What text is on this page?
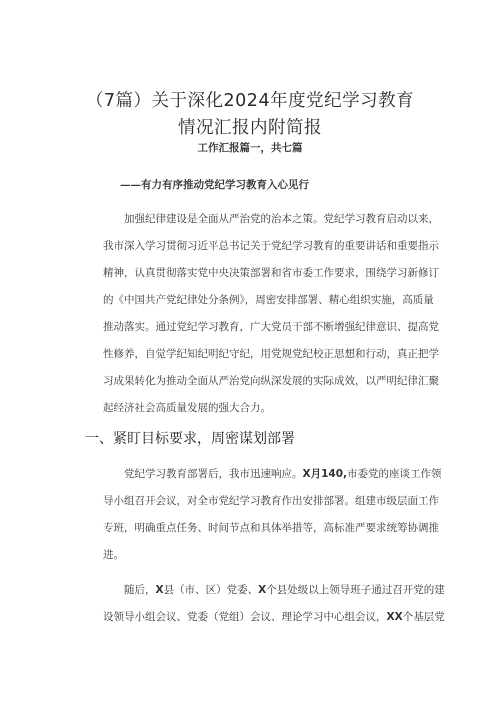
（7篇）关于深化2024年度党纪学习教育
情况汇报内附简报
工作汇报篇一，共七篇
——有力有序推动党纪学习教育入心见行
加强纪律建设是全面从严治党的治本之策。党纪学习教育启动以来，
我市深入学习贯彻习近平总书记关于党纪学习教育的重要讲话和重要指示
精神，认真贯彻落实党中央决策部署和省市委工作要求，围绕学习新修订
的《中国共产党纪律处分条例》，周密安排部署、精心组织实施，高质量
推动落实。通过党纪学习教育，广大党员干部不断增强纪律意识、提高党
性修养，自觉学纪知纪明纪守纪，用党规党纪校正思想和行动，真正把学
习成果转化为推动全面从严治党向纵深发展的实际成效，以严明纪律汇聚
起经济社会高质量发展的强大合力。
一、紧盯目标要求，周密谋划部署
党纪学习教育部署后，我市迅速响应。X月140,市委党的座谈工作领
导小组召开会议，对全市党纪学习教育作出安排部署。组建市级层面工作
专班，明确重点任务、时间节点和具体举措等，高标准严要求统筹协调推
进。
随后，X县（市、区）党委、X个县处级以上领导班子通过召开党的建
设领导小组会议、党委（党组）会议、理论学习中心组会议，XX个基层党
